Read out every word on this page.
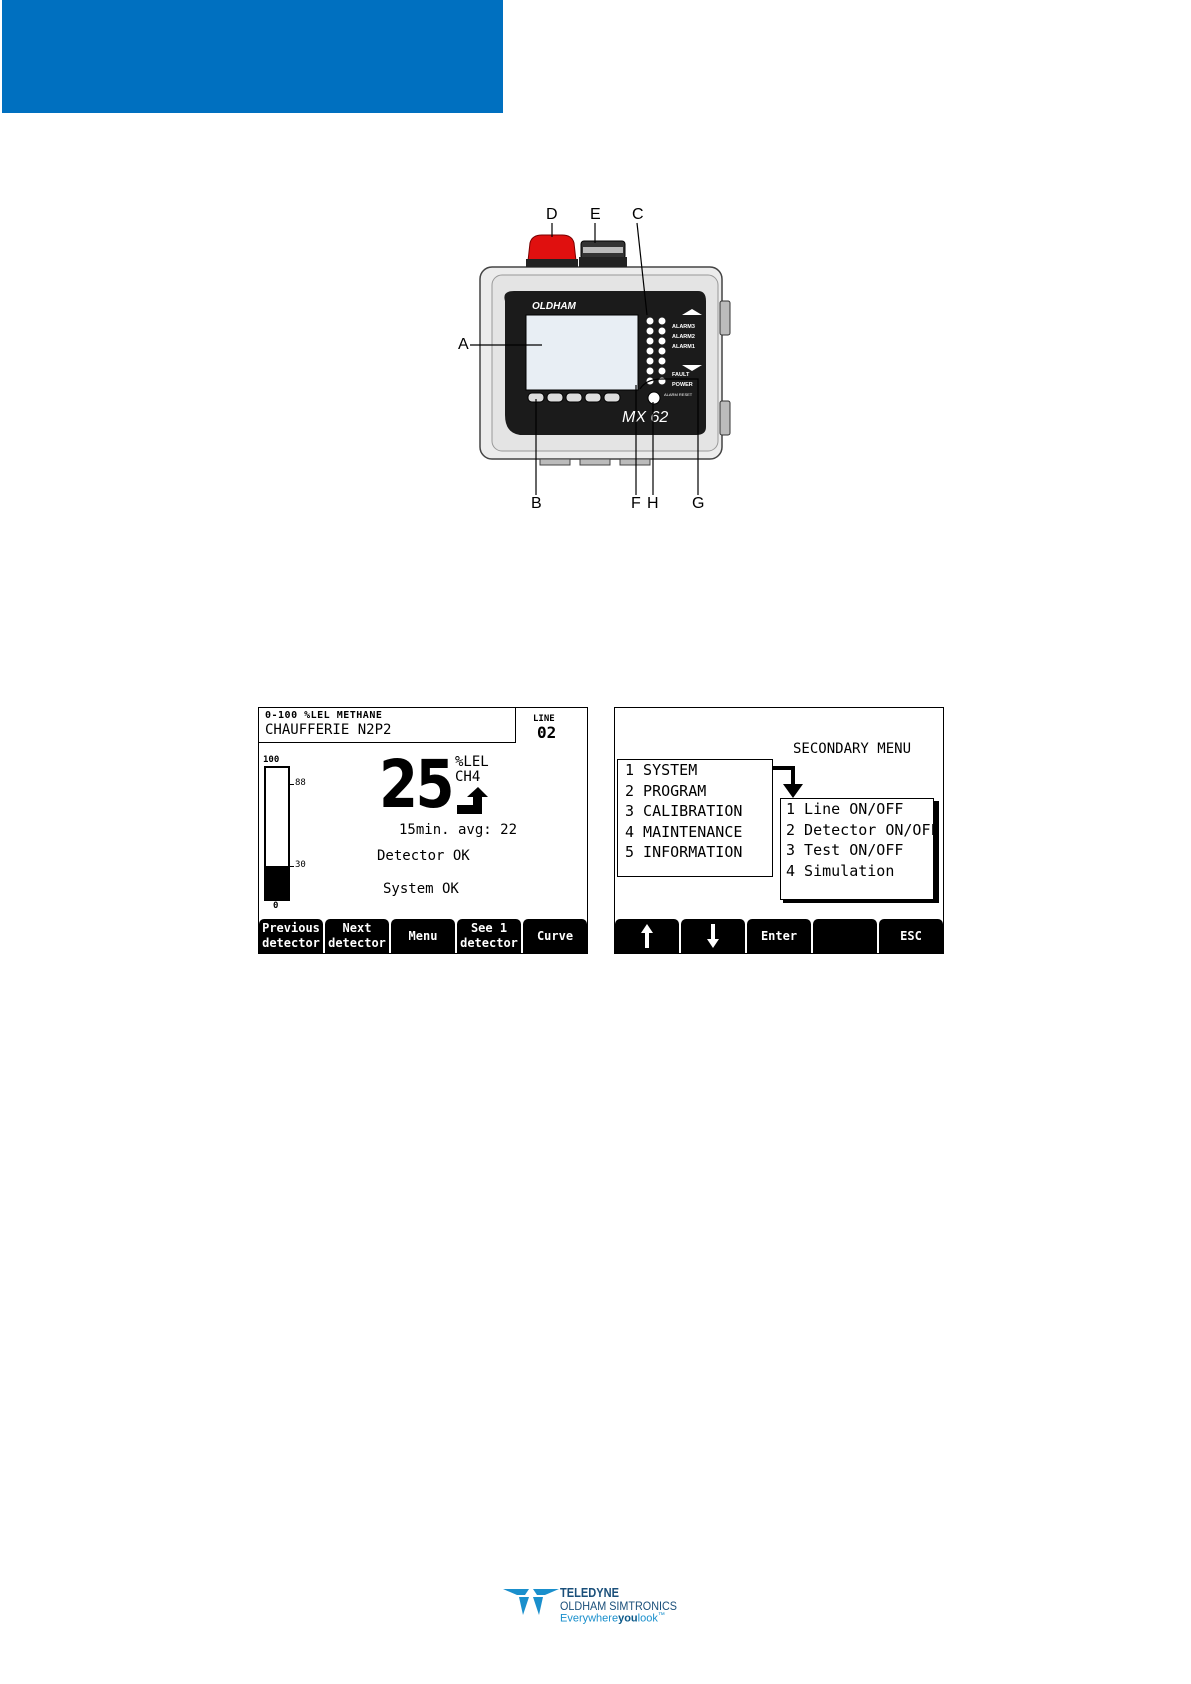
OLDHAM
ALARM3
ALARM2
ALARM1
FAULT
POWER
ALARM RESET
MX 62
D E C
A
B	F H G
0-100 %LEL METHANE
CHAUFFERIE N2P2
LINE
02
100
88
30
0
25 %LEL
CH4
15min. avg: 22
Detector OK
System OK
Previous
detector
Next
detector
Menu
See 1
detector
Curve
SECONDARY MENU
1 SYSTEM
2 PROGRAM
3 CALIBRATION
4 MAINTENANCE
5 INFORMATION
1 Line ON/OFF
2 Detector ON/OFF
3 Test ON/OFF
4 Simulation
Enter	ESC
TELEDYNE
OLDHAM SIMTRONICS
Everywhereyoulook™
